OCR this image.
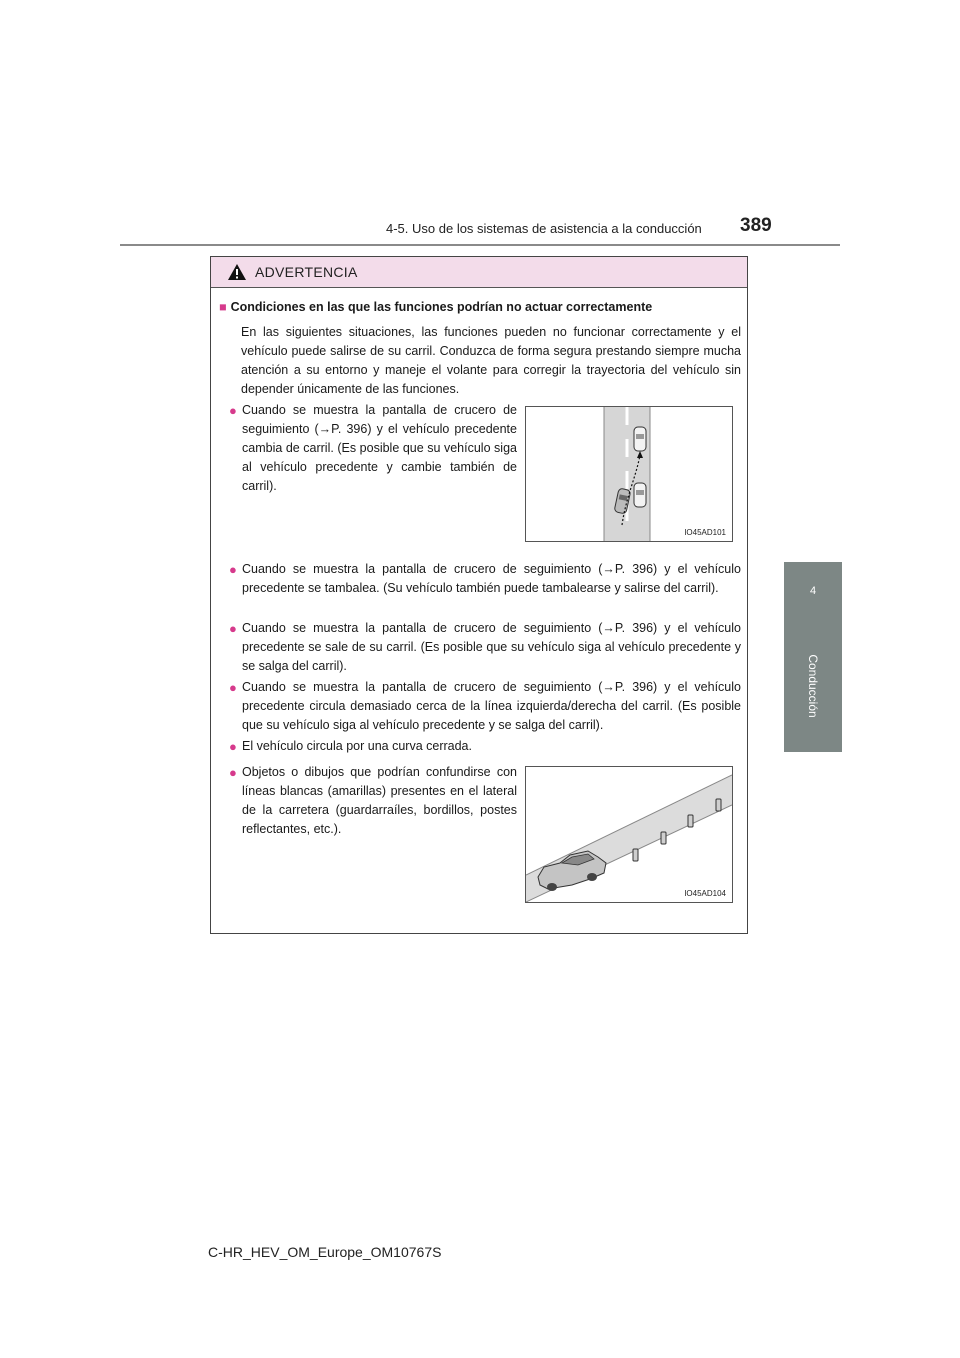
4-5. Uso de los sistemas de asistencia a la conducción 389
4
Conducción
ADVERTENCIA
■ Condiciones en las que las funciones podrían no actuar correctamente
En las siguientes situaciones, las funciones pueden no funcionar correctamente y el vehículo puede salirse de su carril. Conduzca de forma segura prestando siempre mucha atención a su entorno y maneje el volante para corregir la trayectoria del vehículo sin depender únicamente de las funciones.
● Cuando se muestra la pantalla de crucero de seguimiento (→P. 396) y el vehículo precedente cambia de carril. (Es posible que su vehículo siga al vehículo precedente y cambie también de carril).
IO45AD101
● Cuando se muestra la pantalla de crucero de seguimiento (→P. 396) y el vehículo precedente se tambalea. (Su vehículo también puede tambalearse y salirse del carril).
● Cuando se muestra la pantalla de crucero de seguimiento (→P. 396) y el vehículo precedente se sale de su carril. (Es posible que su vehículo siga al vehículo precedente y se salga del carril).
● Cuando se muestra la pantalla de crucero de seguimiento (→P. 396) y el vehículo precedente circula demasiado cerca de la línea izquierda/derecha del carril. (Es posible que su vehículo siga al vehículo precedente y se salga del carril).
● El vehículo circula por una curva cerrada.
● Objetos o dibujos que podrían confundirse con líneas blancas (amarillas) presentes en el lateral de la carretera (guardarraíles, bordillos, postes reflectantes, etc.).
IO45AD104
C-HR_HEV_OM_Europe_OM10767S
